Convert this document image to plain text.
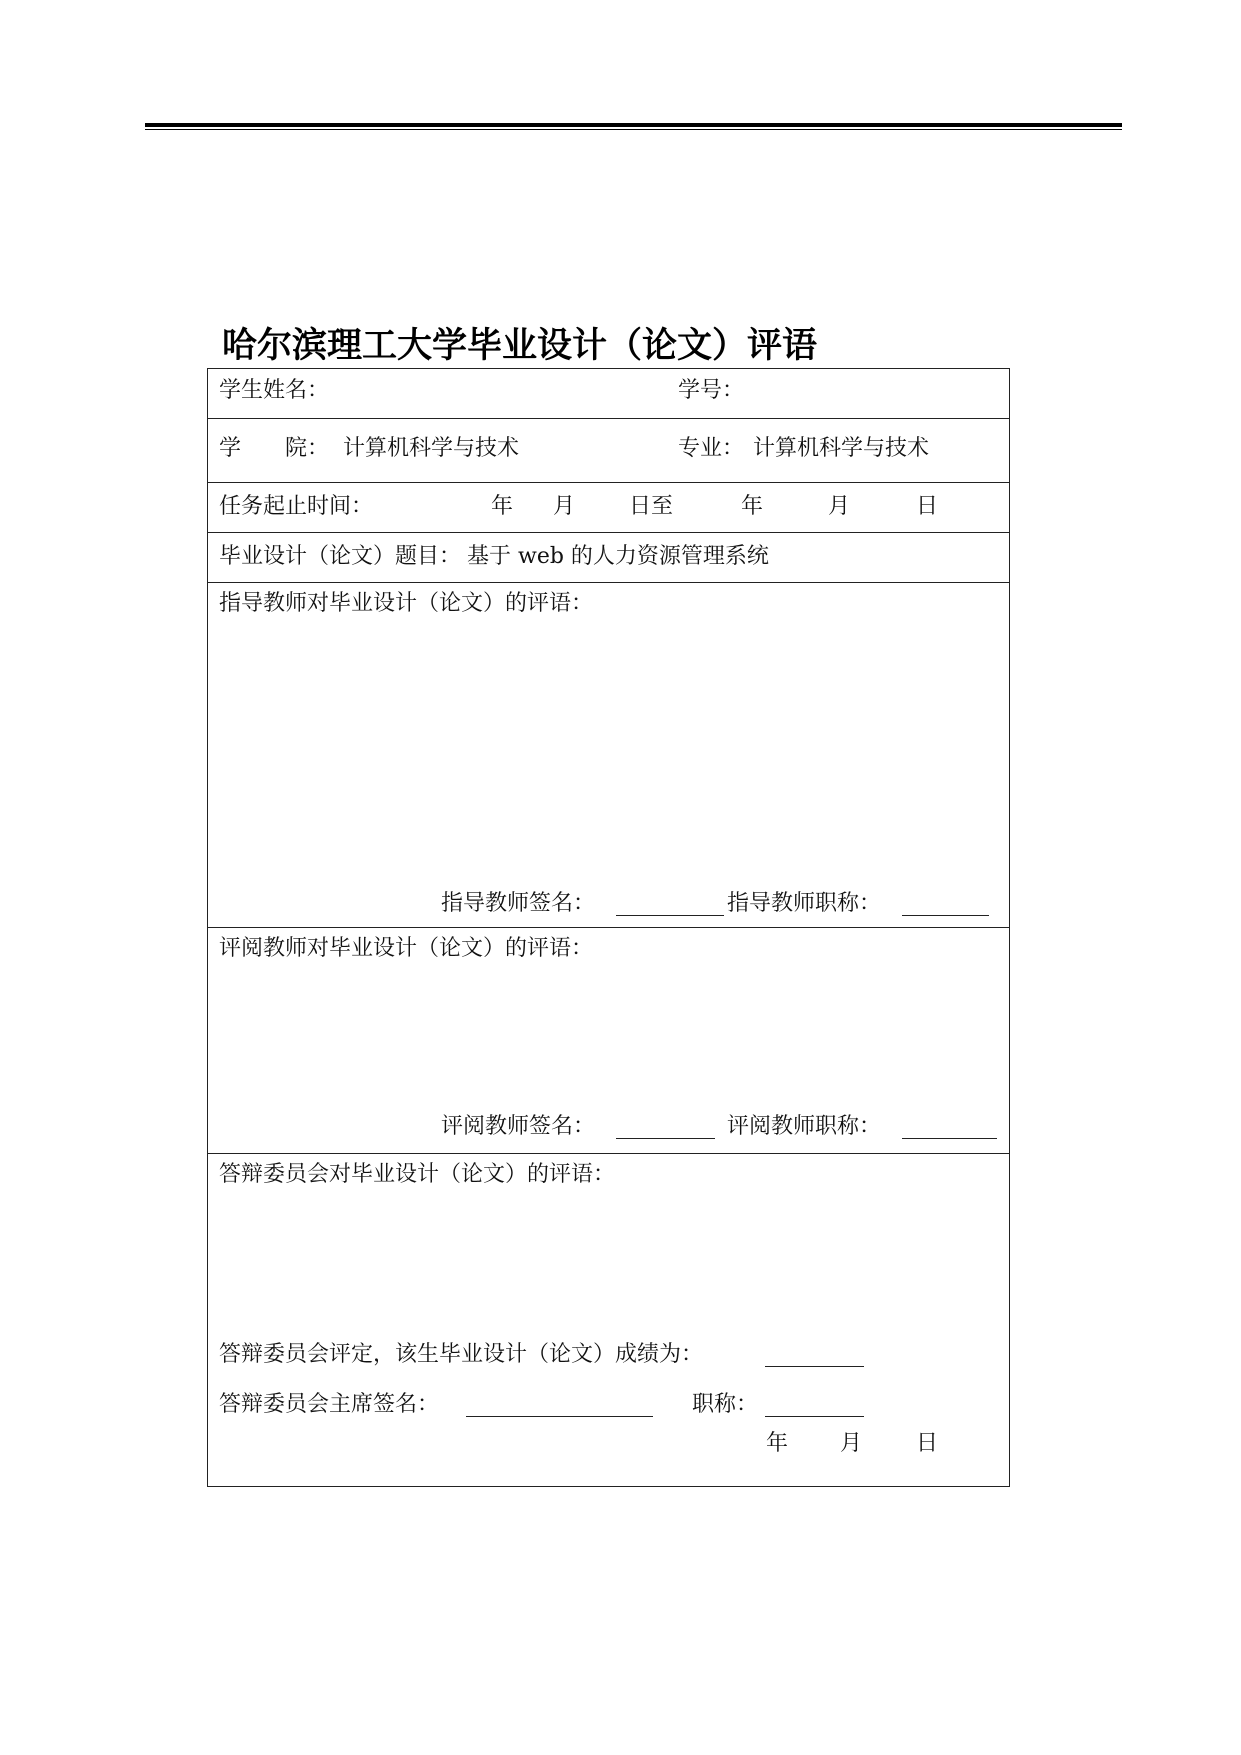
哈尔滨理工大学毕业设计（论文）评语
学生姓名：	学号：
学　　院： 计算机科学与技术	专业： 计算机科学与技术
任务起止时间：	年 月 日至	年	月	日
毕业设计（论文）题目： 基于 web 的人力资源管理系统
指导教师对毕业设计（论文）的评语：
指导教师签名：	指导教师职称：
评阅教师对毕业设计（论文）的评语：
评阅教师签名：	评阅教师职称：
答辩委员会对毕业设计（论文）的评语：
答辩委员会评定，该生毕业设计（论文）成绩为：
答辩委员会主席签名：	职称：
年 月 日
